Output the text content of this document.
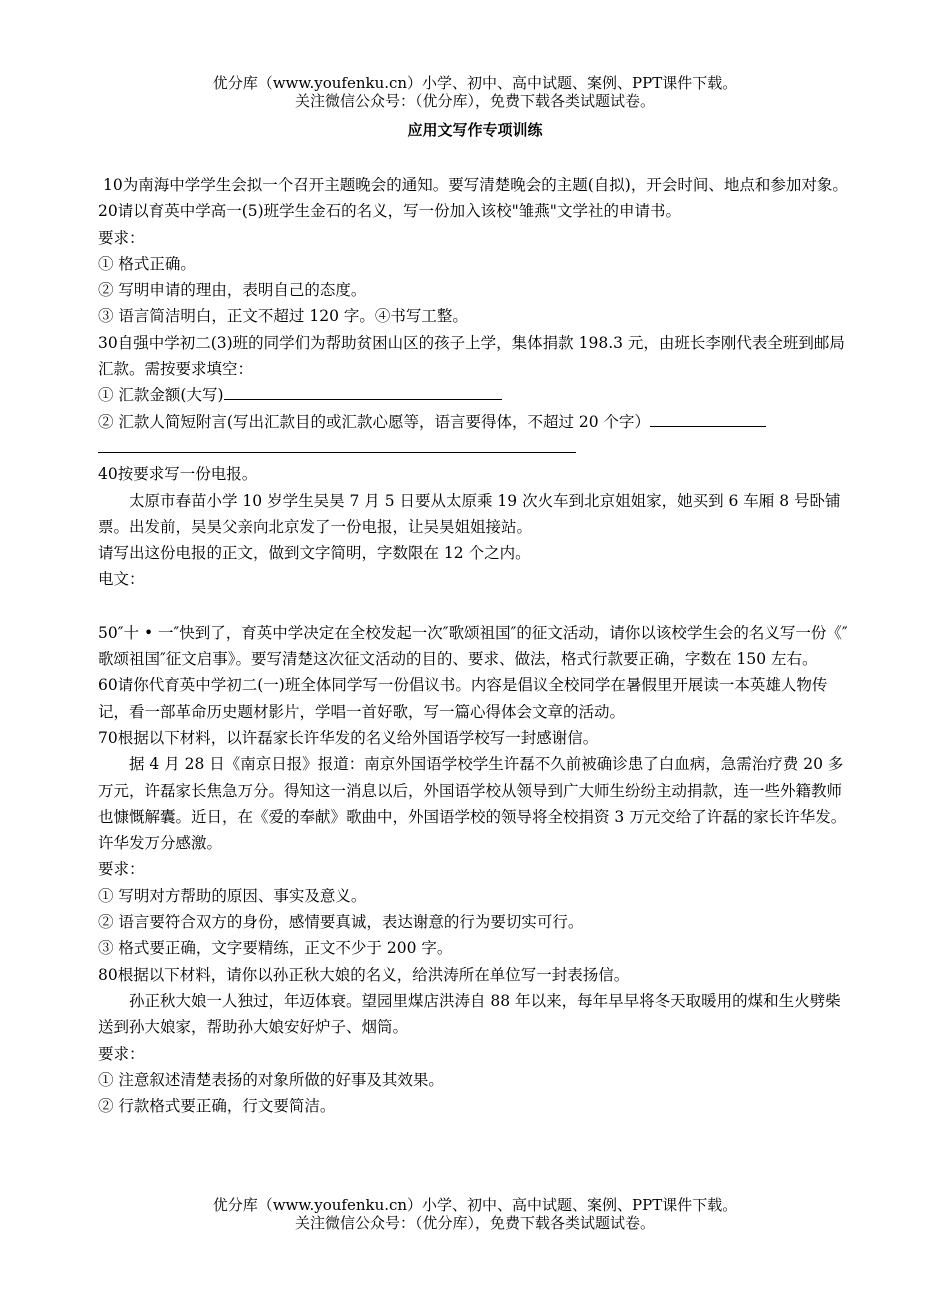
优分库（www.youfenku.cn）小学、初中、高中试题、案例、PPT课件下载。
关注微信公众号：（优分库），免费下载各类试题试卷。
应用文写作专项训练

10为南海中学学生会拟一个召开主题晚会的通知。要写清楚晚会的主题(自拟)，开会时间、地点和参加对象。

20请以育英中学高一(5)班学生金石的名义，写一份加入该校"雏燕"文学社的申请书。

要求：

① 格式正确。

② 写明申请的理由，表明自己的态度。

③ 语言简洁明白，正文不超过 120 字。④书写工整。

30自强中学初二(3)班的同学们为帮助贫困山区的孩子上学，集体捐款 198.3 元，由班长李刚代表全班到邮局汇款。需按要求填空：

① 汇款金额(大写)

② 汇款人简短附言(写出汇款目的或汇款心愿等，语言要得体，不超过 20 个字）

40按要求写一份电报。

太原市春苗小学 10 岁学生吴昊 7 月 5 日要从太原乘 19 次火车到北京姐姐家，她买到 6 车厢 8 号卧铺票。出发前，吴昊父亲向北京发了一份电报，让吴昊姐姐接站。

请写出这份电报的正文，做到文字简明，字数限在 12 个之内。

电文：

50″十 • 一″快到了，育英中学决定在全校发起一次″歌颂祖国″的征文活动，请你以该校学生会的名义写一份《″歌颂祖国″征文启事》。要写清楚这次征文活动的目的、要求、做法，格式行款要正确，字数在 150 左右。

60请你代育英中学初二(一)班全体同学写一份倡议书。内容是倡议全校同学在暑假里开展读一本英雄人物传记，看一部革命历史题材影片，学唱一首好歌，写一篇心得体会文章的活动。

70根据以下材料，以许磊家长许华发的名义给外国语学校写一封感谢信。

据 4 月 28 日《南京日报》报道：南京外国语学校学生许磊不久前被确诊患了白血病，急需治疗费 20 多万元，许磊家长焦急万分。得知这一消息以后，外国语学校从领导到广大师生纷纷主动捐款，连一些外籍教师也慷慨解囊。近日，在《爱的奉献》歌曲中，外国语学校的领导将全校捐资 3 万元交给了许磊的家长许华发。许华发万分感激。

要求：

① 写明对方帮助的原因、事实及意义。

② 语言要符合双方的身份，感情要真诚，表达谢意的行为要切实可行。

③ 格式要正确，文字要精练，正文不少于 200 字。

80根据以下材料，请你以孙正秋大娘的名义，给洪涛所在单位写一封表扬信。

孙正秋大娘一人独过，年迈体衰。望园里煤店洪涛自 88 年以来，每年早早将冬天取暖用的煤和生火劈柴送到孙大娘家，帮助孙大娘安好炉子、烟筒。

要求：

① 注意叙述清楚表扬的对象所做的好事及其效果。

② 行款格式要正确，行文要简洁。

优分库（www.youfenku.cn）小学、初中、高中试题、案例、PPT课件下载。
关注微信公众号：（优分库），免费下载各类试题试卷。
